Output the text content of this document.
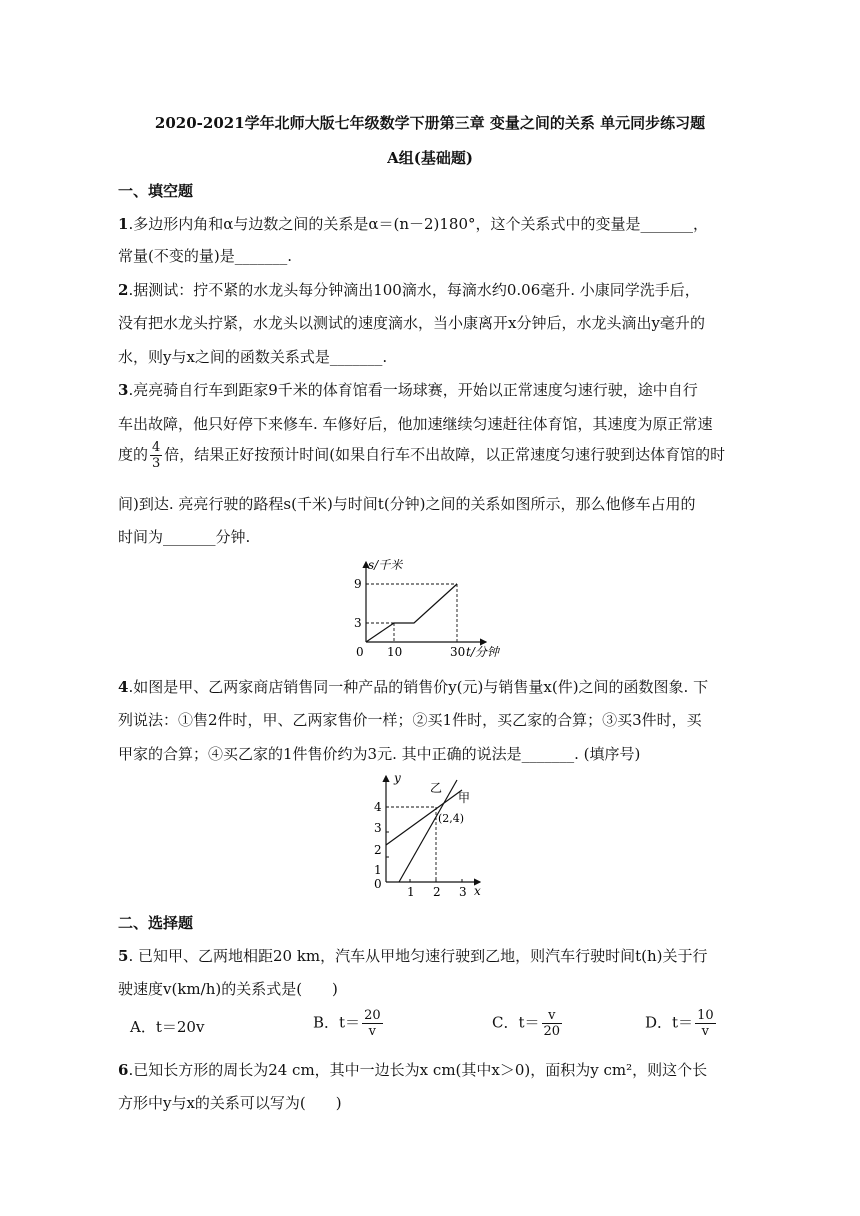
2020-2021学年北师大版七年级数学下册第三章 变量之间的关系 单元同步练习题
A组(基础题)
一、填空题
1.多边形内角和α与边数之间的关系是α＝(n－2)180°，这个关系式中的变量是_______，
常量(不变的量)是_______.
2.据测试：拧不紧的水龙头每分钟滴出100滴水，每滴水约0.06毫升. 小康同学洗手后，
没有把水龙头拧紧，水龙头以测试的速度滴水，当小康离开x分钟后，水龙头滴出y毫升的
水，则y与x之间的函数关系式是_______.
3.亮亮骑自行车到距家9千米的体育馆看一场球赛，开始以正常速度匀速行驶，途中自行
车出故障，他只好停下来修车. 车修好后，他加速继续匀速赶往体育馆，其速度为原正常速
度的 $\frac{4}{3}$ 倍，结果正好按预计时间(如果自行车不出故障，以正常速度匀速行驶到达体育馆的时
间)到达. 亮亮行驶的路程s(千米)与时间t(分钟)之间的关系如图所示，那么他修车占用的
时间为_______分钟.
s/千米
t/分钟
9
3
0 10	30
4.如图是甲、乙两家商店销售同一种产品的销售价y(元)与销售量x(件)之间的函数图象. 下
列说法：①售2件时，甲、乙两家售价一样；②买1件时，买乙家的合算；③买3件时，买
甲家的合算；④买乙家的1件售价约为3元. 其中正确的说法是_______. (填序号)
y
x
乙
甲
(2,4)
4
3
2
1
0
1 2 3
二、选择题
5. 已知甲、乙两地相距20 km，汽车从甲地匀速行驶到乙地，则汽车行驶时间t(h)关于行
驶速度v(km/h)的关系式是(　　)
A．t＝20v	B．$t= \frac{20}{v}$	C．$t= \frac{v}{20}$	D．$t= \frac{10}{v}$
6.已知长方形的周长为24 cm，其中一边长为x cm(其中x＞0)，面积为y cm²，则这个长
方形中y与x的关系可以写为(　　)
